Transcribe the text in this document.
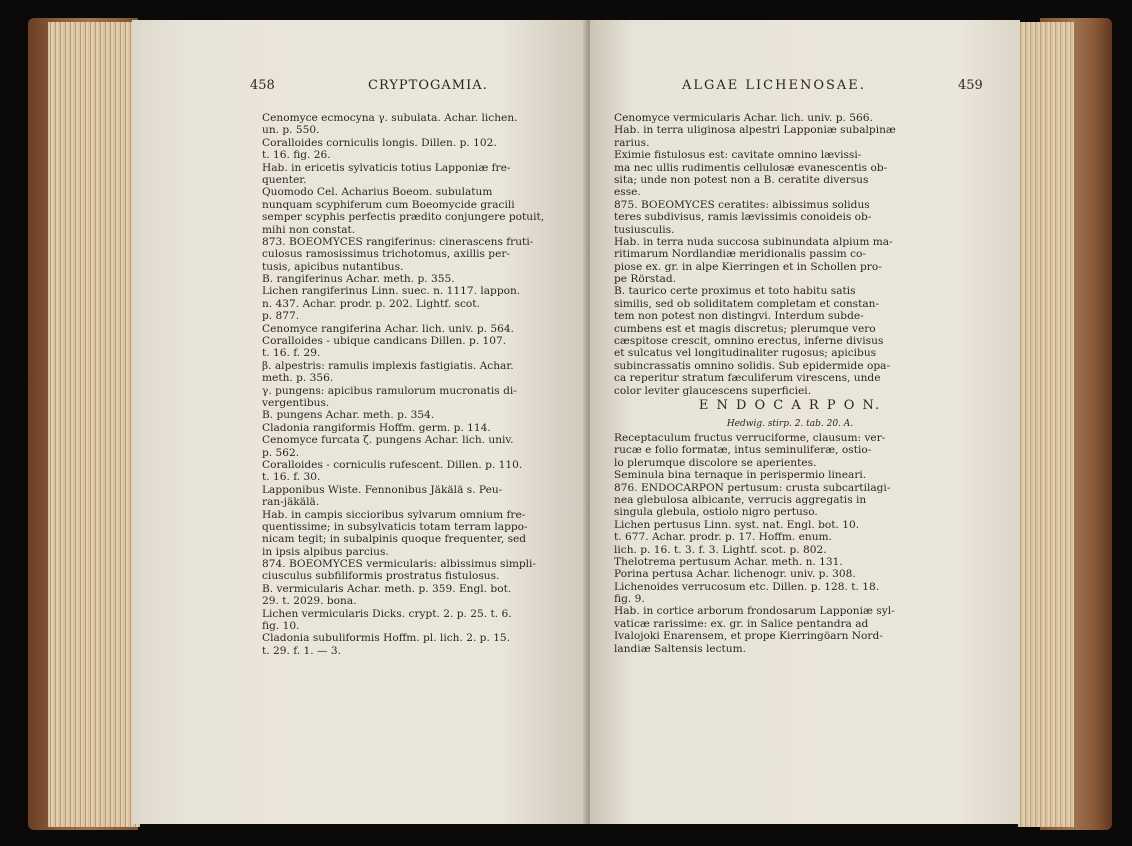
458	CRYPTOGAMIA.
Cenomyce ecmocyna γ. subulata. Achar. lichen.
un. p. 550.
Coralloides corniculis longis. Dillen. p. 102.
t. 16. fig. 26.
Hab. in ericetis sylvaticis totius Lapponiæ fre-
quenter.
Quomodo Cel. Acharius Boeom. subulatum
nunquam scyphiferum cum Boeomycide gracili
semper scyphis perfectis prædito conjungere potuit,
mihi non constat.
873. BOEOMYCES rangiferinus: cinerascens fruti-
culosus ramosissimus trichotomus, axillis per-
tusis, apicibus nutantibus.
B. rangiferinus Achar. meth. p. 355.
Lichen rangiferinus Linn. suec. n. 1117. lappon.
n. 437. Achar. prodr. p. 202. Lightf. scot.
p. 877.
Cenomyce rangiferina Achar. lich. univ. p. 564.
Coralloides - ubique candicans Dillen. p. 107.
t. 16. f. 29.
β. alpestris: ramulis implexis fastigiatis. Achar.
meth. p. 356.
γ. pungens: apicibus ramulorum mucronatis di-
vergentibus.
B. pungens Achar. meth. p. 354.
Cladonia rangiformis Hoffm. germ. p. 114.
Cenomyce furcata ζ. pungens Achar. lich. univ.
p. 562.
Coralloides - corniculis rufescent. Dillen. p. 110.
t. 16. f. 30.
Lapponibus Wiste. Fennonibus Jäkälä s. Peu-
ran-jäkälä.
Hab. in campis siccioribus sylvarum omnium fre-
quentissime; in subsylvaticis totam terram lappo-
nicam tegit; in subalpinis quoque frequenter, sed
in ipsis alpibus parcius.
874. BOEOMYCES vermicularis: albissimus simpli-
ciusculus subfiliformis prostratus fistulosus.
B. vermicularis Achar. meth. p. 359. Engl. bot.
29. t. 2029. bona.
Lichen vermicularis Dicks. crypt. 2. p. 25. t. 6.
fig. 10.
Cladonia subuliformis Hoffm. pl. lich. 2. p. 15.
t. 29. f. 1. — 3.
ALGAE LICHENOSAE.	459
Cenomyce vermicularis Achar. lich. univ. p. 566.
Hab. in terra uliginosa alpestri Lapponiæ subalpinæ
rarius.
Eximie fistulosus est: cavitate omnino lævissi-
ma nec ullis rudimentis cellulosæ evanescentis ob-
sita; unde non potest non a B. ceratite diversus
esse.
875. BOEOMYCES ceratites: albissimus solidus
teres subdivisus, ramis lævissimis conoideis ob-
tusiusculis.
Hab. in terra nuda succosa subinundata alpium ma-
ritimarum Nordlandiæ meridionalis passim co-
piose ex. gr. in alpe Kierringen et in Schollen pro-
pe Rörstad.
B. taurico certe proximus et toto habitu satis
similis, sed ob soliditatem completam et constan-
tem non potest non distingvi. Interdum subde-
cumbens est et magis discretus; plerumque vero
cæspitose crescit, omnino erectus, inferne divisus
et sulcatus vel longitudinaliter rugosus; apicibus
subincrassatis omnino solidis. Sub epidermide opa-
ca reperitur stratum fæculiferum virescens, unde
color leviter glaucescens superficiei.
E N D O C A R P O N.
Hedwig. stirp. 2. tab. 20. A.
Receptaculum fructus verruciforme, clausum: ver-
rucæ e folio formatæ, intus seminuliferæ, ostio-
lo plerumque discolore se aperientes.
Seminula bina ternaque in perispermio lineari.
876. ENDOCARPON pertusum: crusta subcartilagi-
nea glebulosa albicante, verrucis aggregatis in
singula glebula, ostiolo nigro pertuso.
Lichen pertusus Linn. syst. nat. Engl. bot. 10.
t. 677. Achar. prodr. p. 17. Hoffm. enum.
lich. p. 16. t. 3. f. 3. Lightf. scot. p. 802.
Thelotrema pertusum Achar. meth. n. 131.
Porina pertusa Achar. lichenogr. univ. p. 308.
Lichenoides verrucosum etc. Dillen. p. 128. t. 18.
fig. 9.
Hab. in cortice arborum frondosarum Lapponiæ syl-
vaticæ rarissime: ex. gr. in Salice pentandra ad
Ivalojoki Enarensem, et prope Kierringöarn Nord-
landiæ Saltensis lectum.
